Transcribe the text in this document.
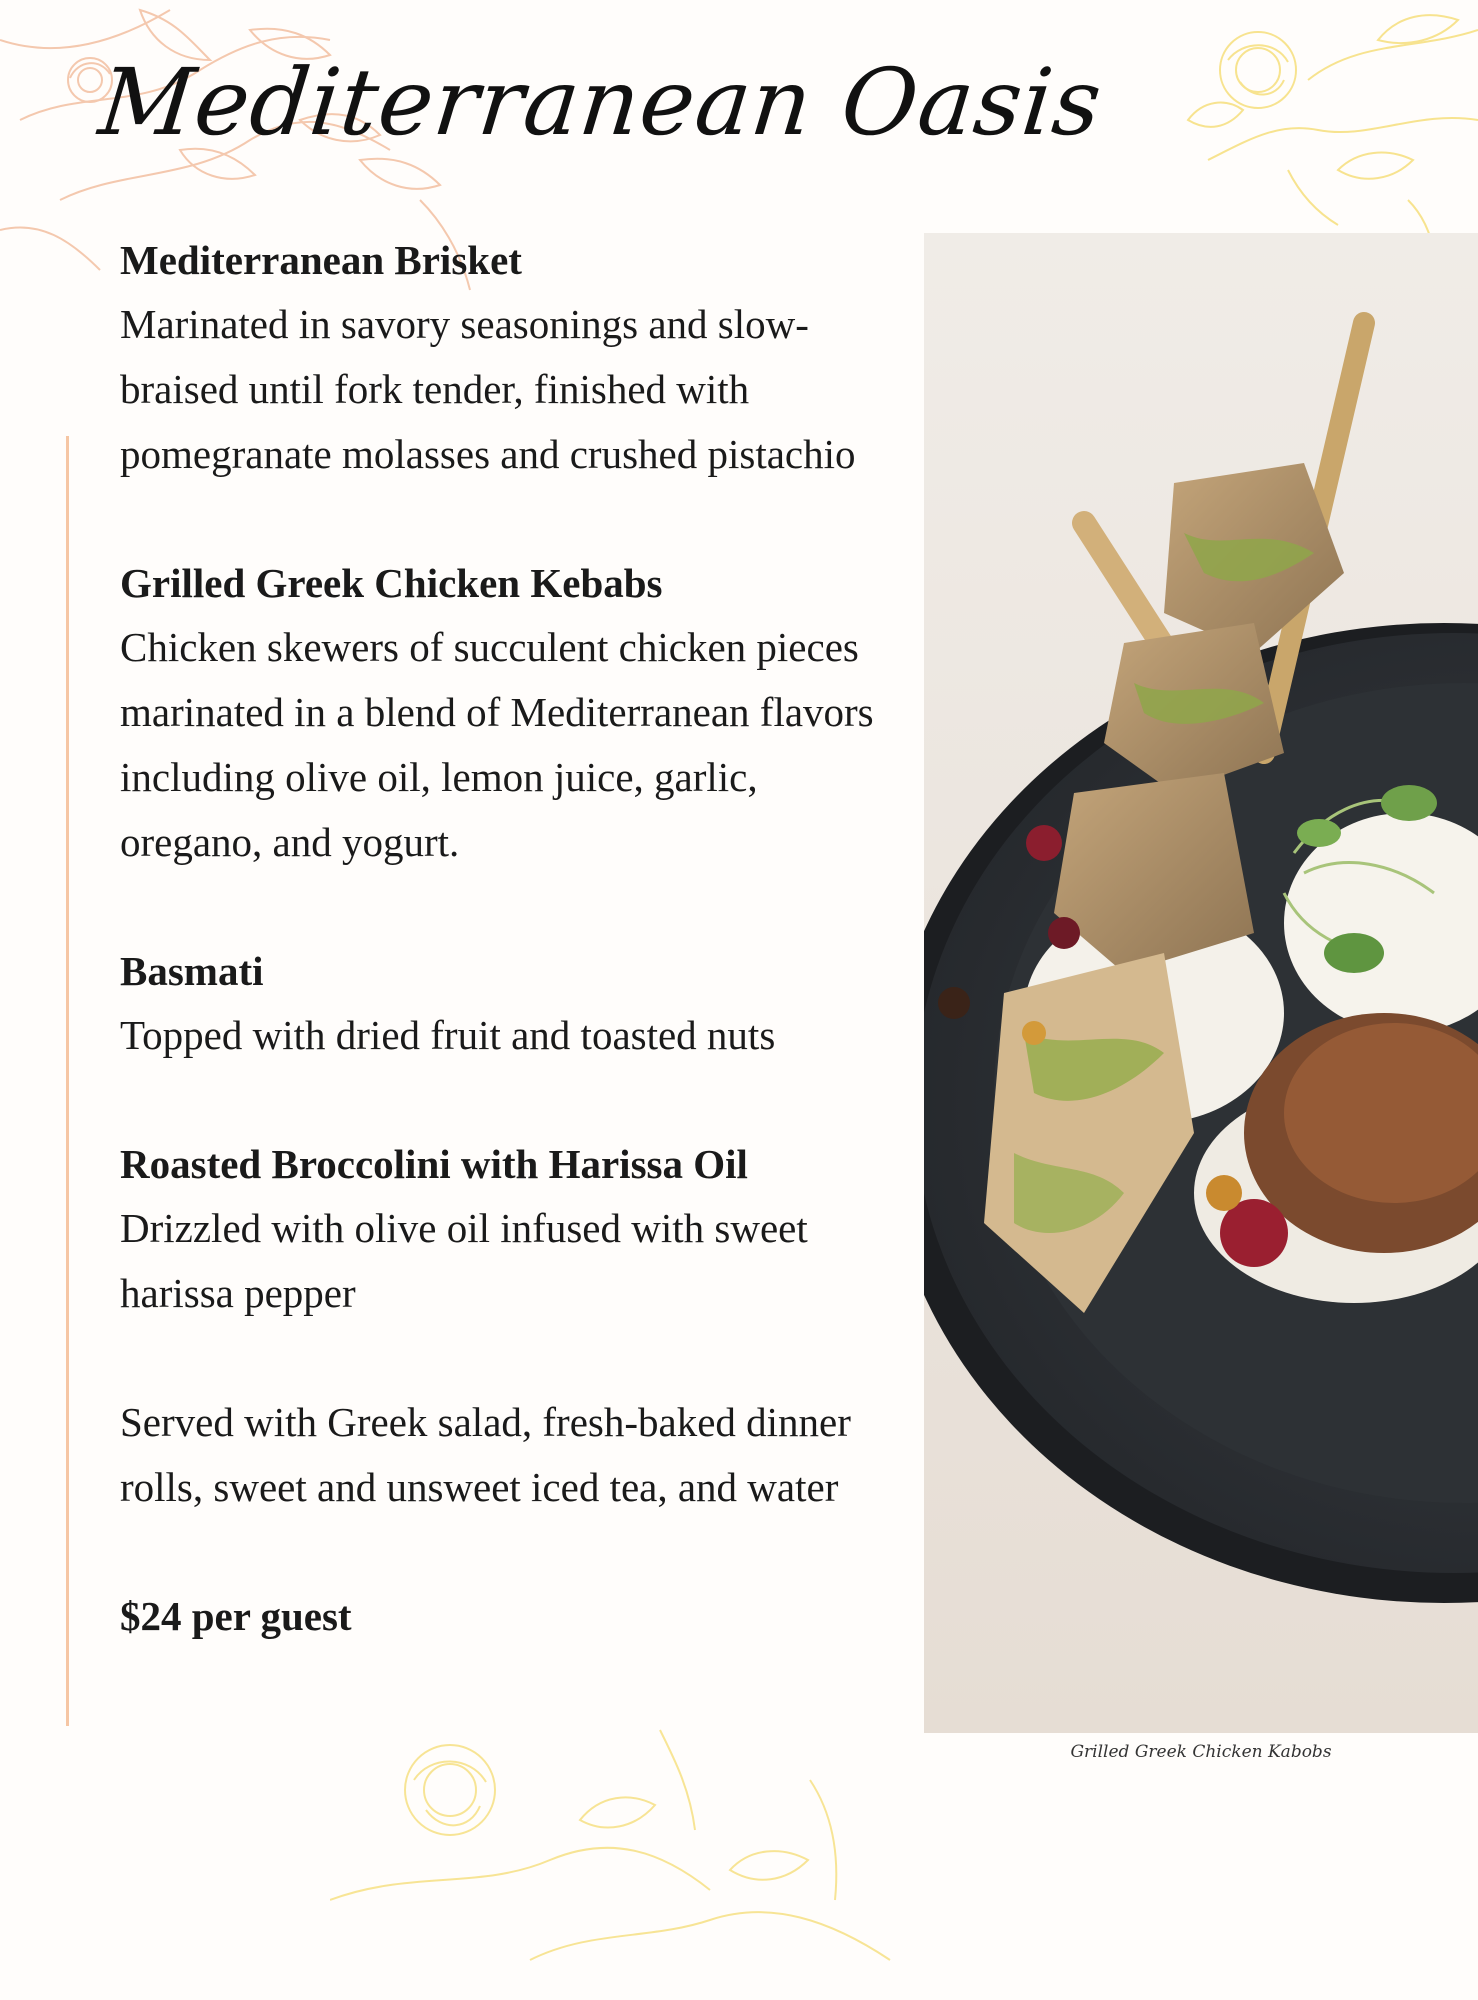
Mediterranean Oasis

Mediterranean Brisket

Marinated in savory seasonings and slow-braised until fork tender, finished with pomegranate molasses and crushed pistachio

Grilled Greek Chicken Kebabs

Chicken skewers of succulent chicken pieces marinated in a blend of Mediterranean flavors including olive oil, lemon juice, garlic, oregano, and yogurt.

Basmati

Topped with dried fruit and toasted nuts

Roasted Broccolini with Harissa Oil

Drizzled with olive oil infused with sweet harissa pepper

Served with Greek salad, fresh-baked dinner rolls, sweet and unsweet iced tea, and water

$24 per guest

Grilled Greek Chicken Kabobs
